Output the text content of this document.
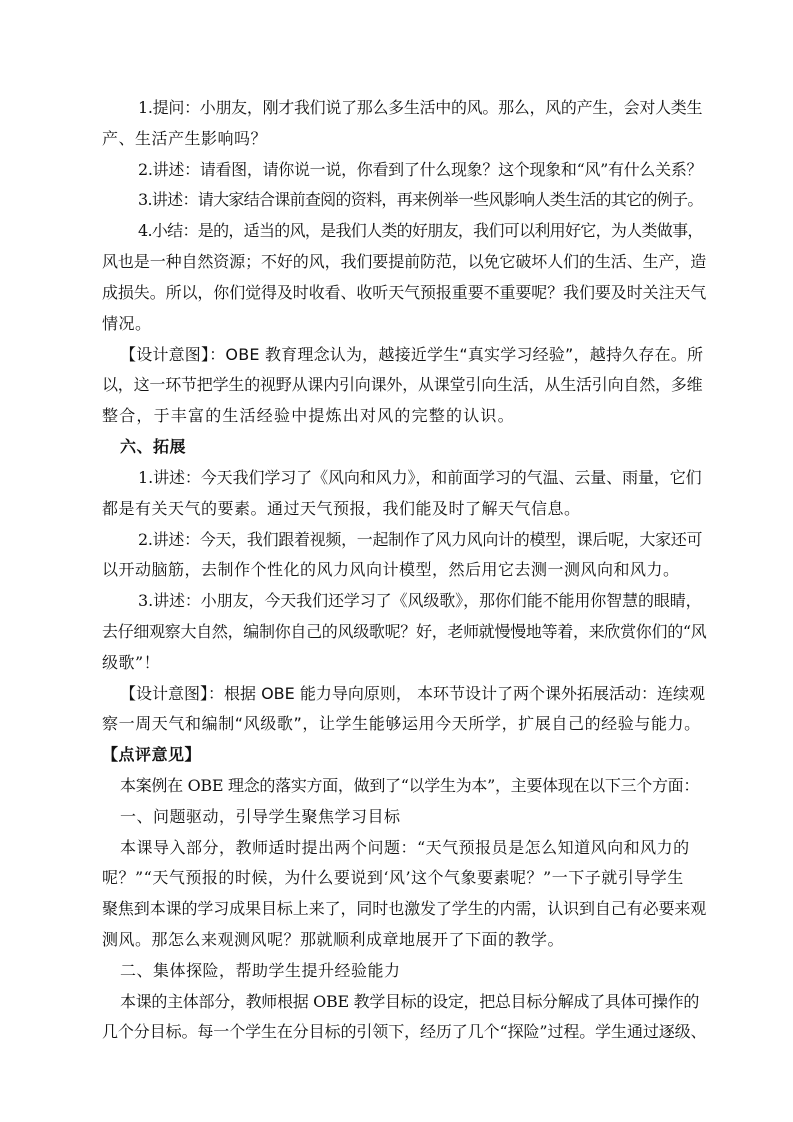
1.提问：小朋友，刚才我们说了那么多生活中的风。那么，风的产生，会对人类生
产、生活产生影响吗？
2.讲述：请看图，请你说一说，你看到了什么现象？这个现象和“风”有什么关系？
3.讲述：请大家结合课前查阅的资料，再来例举一些风影响人类生活的其它的例子。
4.小结：是的，适当的风，是我们人类的好朋友，我们可以利用好它，为人类做事，
风也是一种自然资源；不好的风，我们要提前防范，以免它破坏人们的生活、生产，造
成损失。所以，你们觉得及时收看、收听天气预报重要不重要呢？我们要及时关注天气
情况。
【设计意图】：OBE 教育理念认为，越接近学生“真实学习经验”，越持久存在。所
以，这一环节把学生的视野从课内引向课外，从课堂引向生活，从生活引向自然，多维
整合，于丰富的生活经验中提炼出对风的完整的认识。
六、拓展
1.讲述：今天我们学习了《风向和风力》，和前面学习的气温、云量、雨量，它们
都是有关天气的要素。通过天气预报，我们能及时了解天气信息。
2.讲述：今天，我们跟着视频，一起制作了风力风向计的模型，课后呢，大家还可
以开动脑筋，去制作个性化的风力风向计模型，然后用它去测一测风向和风力。
3.讲述：小朋友，今天我们还学习了《风级歌》，那你们能不能用你智慧的眼睛，
去仔细观察大自然，编制你自己的风级歌呢？好，老师就慢慢地等着，来欣赏你们的“风
级歌”！
【设计意图】：根据 OBE 能力导向原则， 本环节设计了两个课外拓展活动：连续观
察一周天气和编制“风级歌”，让学生能够运用今天所学，扩展自己的经验与能力。
【点评意见】
本案例在 OBE 理念的落实方面，做到了“以学生为本”，主要体现在以下三个方面：
一、问题驱动，引导学生聚焦学习目标
本课导入部分，教师适时提出两个问题：“天气预报员是怎么知道风向和风力的
呢？”“天气预报的时候，为什么要说到‘风’这个气象要素呢？”一下子就引导学生
聚焦到本课的学习成果目标上来了，同时也激发了学生的内需，认识到自己有必要来观
测风。那怎么来观测风呢？那就顺利成章地展开了下面的教学。
二、集体探险，帮助学生提升经验能力
本课的主体部分，教师根据 OBE 教学目标的设定，把总目标分解成了具体可操作的
几个分目标。每一个学生在分目标的引领下，经历了几个“探险”过程。学生通过逐级、
